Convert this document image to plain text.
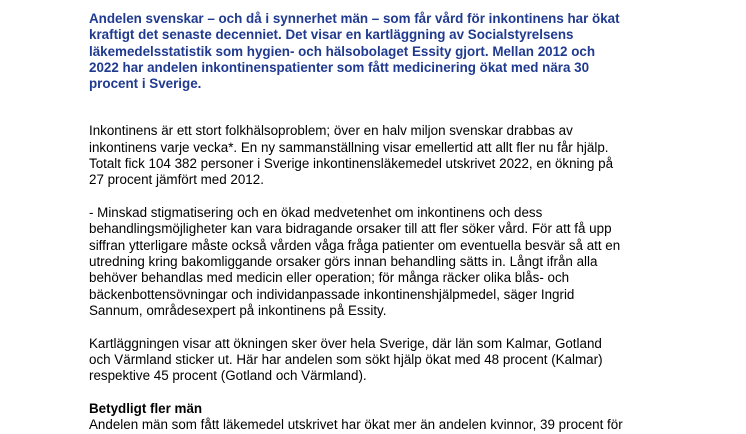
Andelen svenskar – och då i synnerhet män – som får vård för inkontinens har ökat
kraftigt det senaste decenniet. Det visar en kartläggning av Socialstyrelsens
läkemedelsstatistik som hygien- och hälsobolaget Essity gjort. Mellan 2012 och
2022 har andelen inkontinenspatienter som fått medicinering ökat med nära 30
procent i Sverige.

Inkontinens är ett stort folkhälsoproblem; över en halv miljon svenskar drabbas av
inkontinens varje vecka*. En ny sammanställning visar emellertid att allt fler nu får hjälp.
Totalt fick 104 382 personer i Sverige inkontinensläkemedel utskrivet 2022, en ökning på
27 procent jämfört med 2012.

- Minskad stigmatisering och en ökad medvetenhet om inkontinens och dess
behandlingsmöjligheter kan vara bidragande orsaker till att fler söker vård. För att få upp
siffran ytterligare måste också vården våga fråga patienter om eventuella besvär så att en
utredning kring bakomliggande orsaker görs innan behandling sätts in. Långt ifrån alla
behöver behandlas med medicin eller operation; för många räcker olika blås- och
bäckenbottensövningar och individanpassade inkontinenshjälpmedel, säger Ingrid
Sannum, områdesexpert på inkontinens på Essity.

Kartläggningen visar att ökningen sker över hela Sverige, där län som Kalmar, Gotland
och Värmland sticker ut. Här har andelen som sökt hjälp ökat med 48 procent (Kalmar)
respektive 45 procent (Gotland och Värmland).

Betydligt fler män

Andelen män som fått läkemedel utskrivet har ökat mer än andelen kvinnor, 39 procent för
